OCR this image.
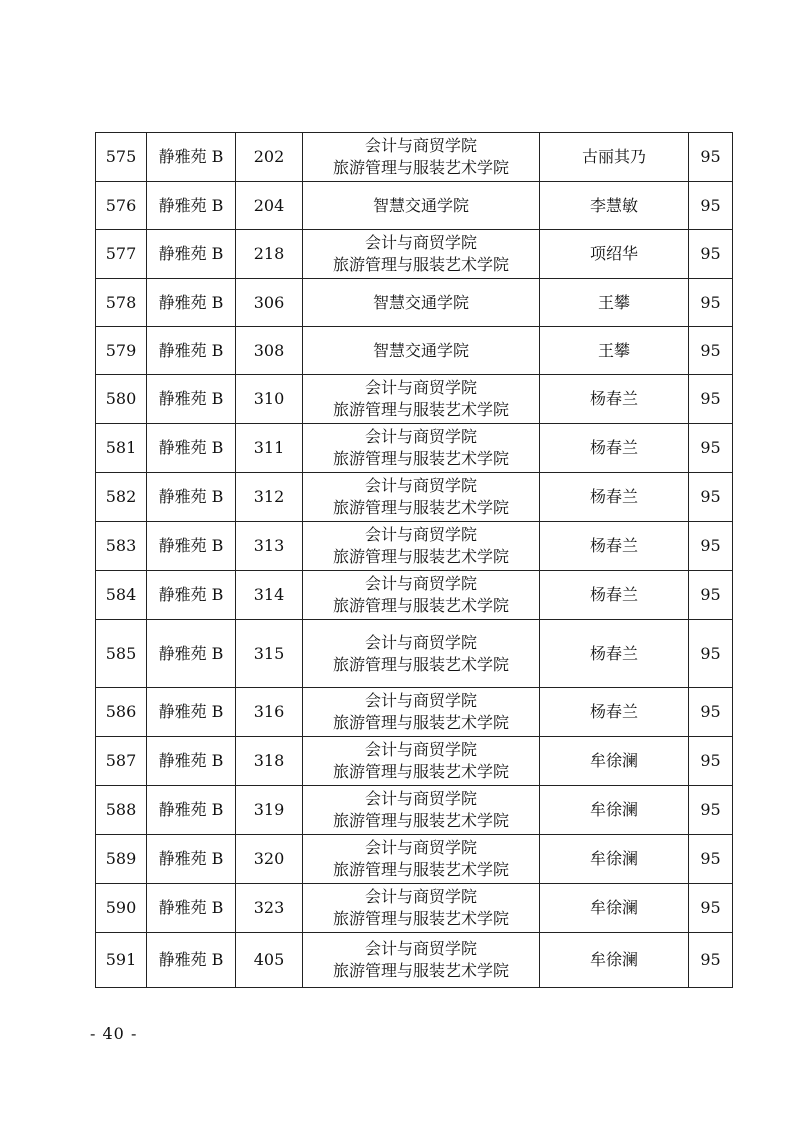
575	静雅苑 B	202	会计与商贸学院
旅游管理与服装艺术学院	古丽其乃	95
576	静雅苑 B	204	智慧交通学院	李慧敏	95
577	静雅苑 B	218	会计与商贸学院
旅游管理与服装艺术学院	项绍华	95
578	静雅苑 B	306	智慧交通学院	王攀	95
579	静雅苑 B	308	智慧交通学院	王攀	95
580	静雅苑 B	310	会计与商贸学院
旅游管理与服装艺术学院	杨春兰	95
581	静雅苑 B	311	会计与商贸学院
旅游管理与服装艺术学院	杨春兰	95
582	静雅苑 B	312	会计与商贸学院
旅游管理与服装艺术学院	杨春兰	95
583	静雅苑 B	313	会计与商贸学院
旅游管理与服装艺术学院	杨春兰	95
584	静雅苑 B	314	会计与商贸学院
旅游管理与服装艺术学院	杨春兰	95
585	静雅苑 B	315	会计与商贸学院
旅游管理与服装艺术学院	杨春兰	95
586	静雅苑 B	316	会计与商贸学院
旅游管理与服装艺术学院	杨春兰	95
587	静雅苑 B	318	会计与商贸学院
旅游管理与服装艺术学院	牟徐澜	95
588	静雅苑 B	319	会计与商贸学院
旅游管理与服装艺术学院	牟徐澜	95
589	静雅苑 B	320	会计与商贸学院
旅游管理与服装艺术学院	牟徐澜	95
590	静雅苑 B	323	会计与商贸学院
旅游管理与服装艺术学院	牟徐澜	95
591	静雅苑 B	405	会计与商贸学院
旅游管理与服装艺术学院	牟徐澜	95
- 40 -
